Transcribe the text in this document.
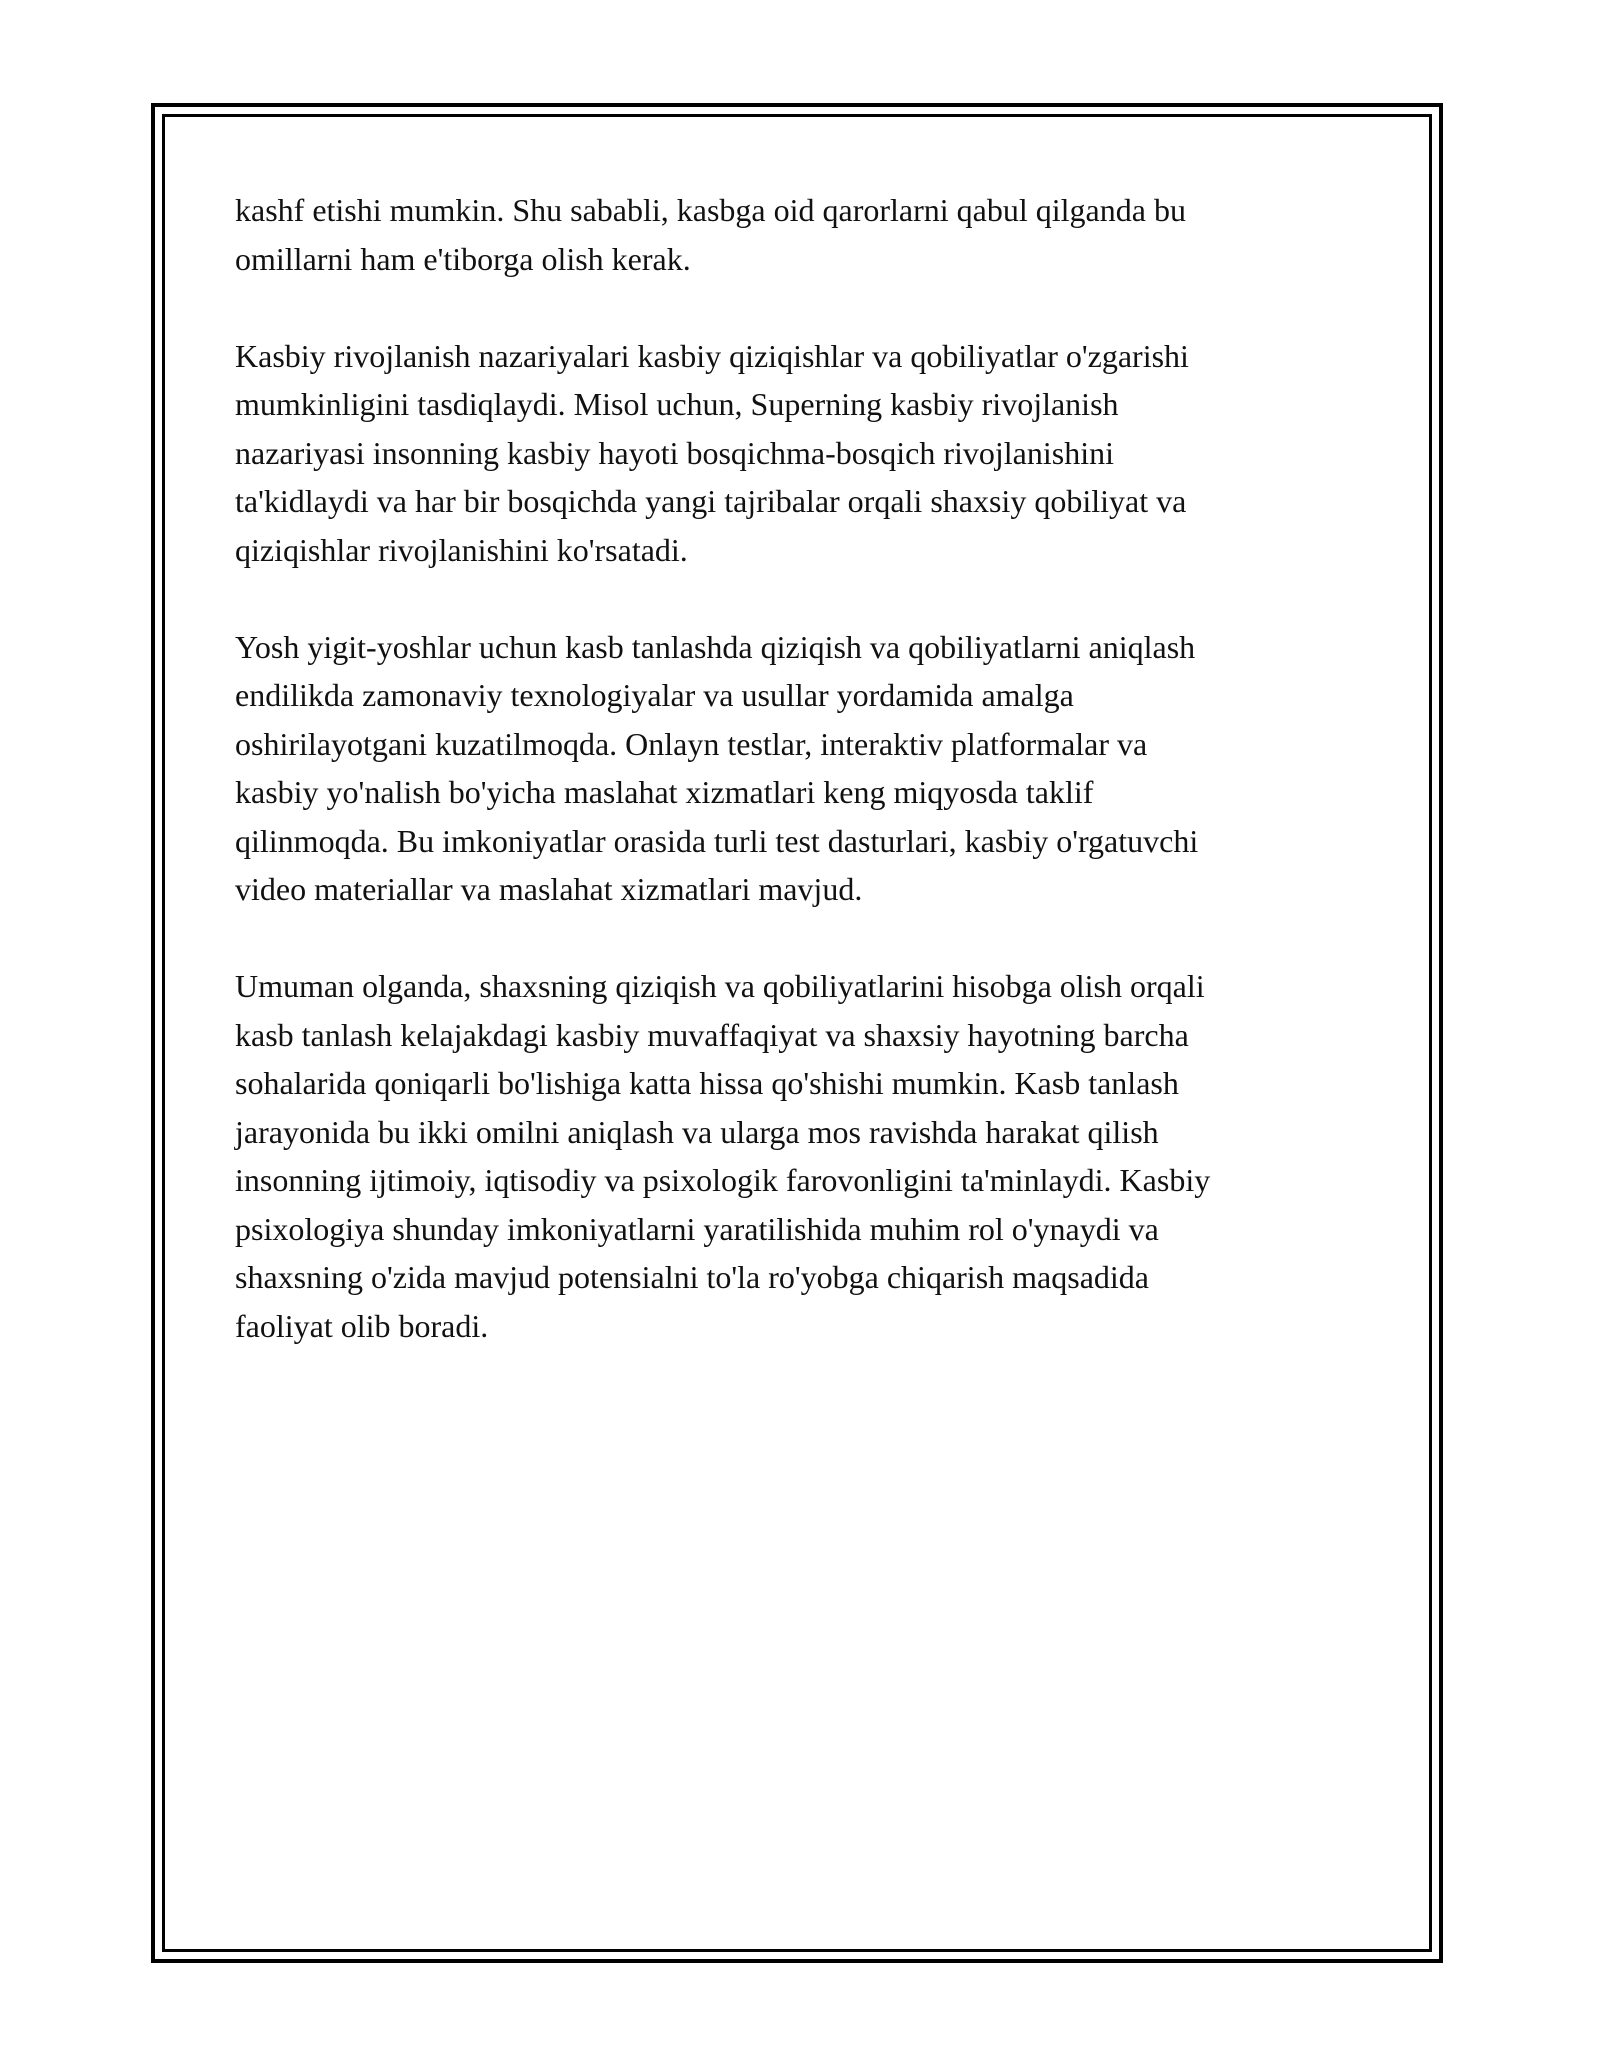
kashf etishi mumkin. Shu sababli, kasbga oid qarorlarni qabul qilganda bu
omillarni ham e'tiborga olish kerak.

Kasbiy rivojlanish nazariyalari kasbiy qiziqishlar va qobiliyatlar o'zgarishi
mumkinligini tasdiqlaydi. Misol uchun, Superning kasbiy rivojlanish
nazariyasi insonning kasbiy hayoti bosqichma-bosqich rivojlanishini
ta'kidlaydi va har bir bosqichda yangi tajribalar orqali shaxsiy qobiliyat va
qiziqishlar rivojlanishini ko'rsatadi.

Yosh yigit-yoshlar uchun kasb tanlashda qiziqish va qobiliyatlarni aniqlash
endilikda zamonaviy texnologiyalar va usullar yordamida amalga
oshirilayotgani kuzatilmoqda. Onlayn testlar, interaktiv platformalar va
kasbiy yo'nalish bo'yicha maslahat xizmatlari keng miqyosda taklif
qilinmoqda. Bu imkoniyatlar orasida turli test dasturlari, kasbiy o'rgatuvchi
video materiallar va maslahat xizmatlari mavjud.

Umuman olganda, shaxsning qiziqish va qobiliyatlarini hisobga olish orqali
kasb tanlash kelajakdagi kasbiy muvaffaqiyat va shaxsiy hayotning barcha
sohalarida qoniqarli bo'lishiga katta hissa qo'shishi mumkin. Kasb tanlash
jarayonida bu ikki omilni aniqlash va ularga mos ravishda harakat qilish
insonning ijtimoiy, iqtisodiy va psixologik farovonligini ta'minlaydi. Kasbiy
psixologiya shunday imkoniyatlarni yaratilishida muhim rol o'ynaydi va
shaxsning o'zida mavjud potensialni to'la ro'yobga chiqarish maqsadida
faoliyat olib boradi.
